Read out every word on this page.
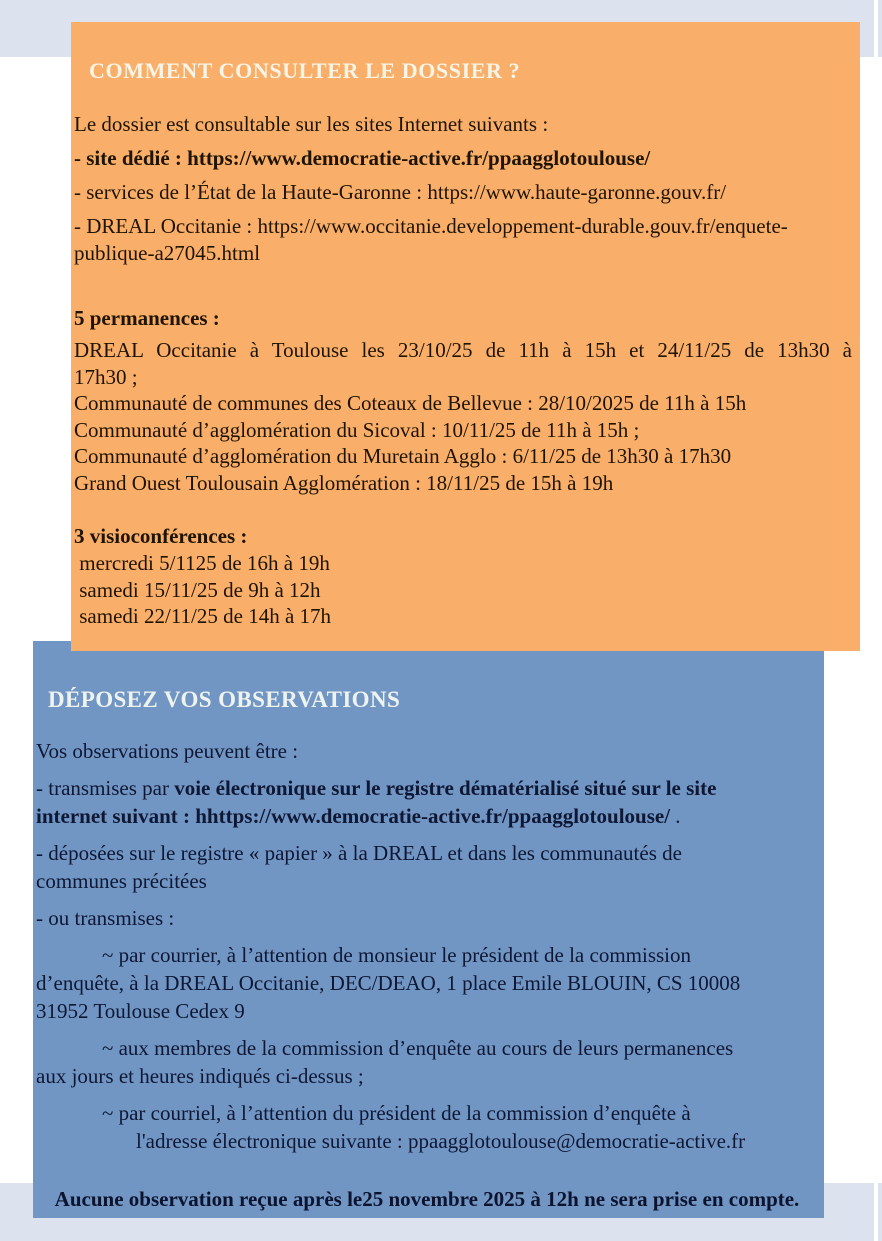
DÉPOSEZ VOS OBSERVATIONS
Vos observations peuvent être :
- transmises par voie électronique sur le registre dématérialisé situé sur le site
internet suivant : hhttps://www.democratie-active.fr/ppaagglotoulouse/ .
- déposées sur le registre « papier » à la DREAL et dans les communautés de
communes précitées
- ou transmises :
~ par courrier, à l’attention de monsieur le président de la commission
d’enquête, à la DREAL Occitanie, DEC/DEAO, 1 place Emile BLOUIN, CS 10008
31952 Toulouse Cedex 9
~ aux membres de la commission d’enquête au cours de leurs permanences
aux jours et heures indiqués ci-dessus ;
~ par courriel, à l’attention du président de la commission d’enquête à
l'adresse électronique suivante : ppaagglotoulouse@democratie-active.fr
Aucune observation reçue après le25 novembre 2025 à 12h ne sera prise en compte.
COMMENT CONSULTER LE DOSSIER ?
Le dossier est consultable sur les sites Internet suivants :
- site dédié : https://www.democratie-active.fr/ppaagglotoulouse/
- services de l’État de la Haute-Garonne : https://www.haute-garonne.gouv.fr/
- DREAL Occitanie : https://www.occitanie.developpement-durable.gouv.fr/enquete-
publique-a27045.html
5 permanences :
DREAL Occitanie à Toulouse les 23/10/25 de 11h à 15h et 24/11/25 de 13h30 à
17h30 ;
Communauté de communes des Coteaux de Bellevue : 28/10/2025 de 11h à 15h
Communauté d’agglomération du Sicoval : 10/11/25 de 11h à 15h ;
Communauté d’agglomération du Muretain Agglo : 6/11/25 de 13h30 à 17h30
Grand Ouest Toulousain Agglomération : 18/11/25 de 15h à 19h
3 visioconférences :
mercredi 5/1125 de 16h à 19h
samedi 15/11/25 de 9h à 12h
samedi 22/11/25 de 14h à 17h
